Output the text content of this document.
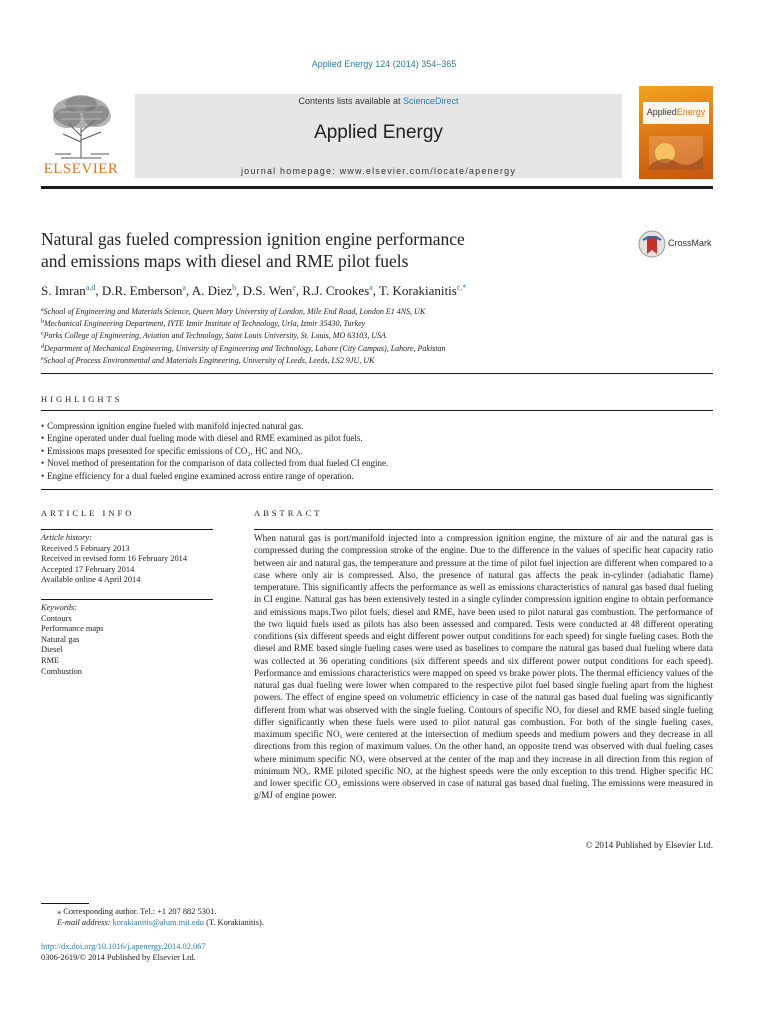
Applied Energy 124 (2014) 354–365
ELSEVIER
Contents lists available at ScienceDirect
Applied Energy
journal homepage: www.elsevier.com/locate/apenergy
AppliedEnergy
Natural gas fueled compression ignition engine performance
and emissions maps with diesel and RME pilot fuels
CrossMark
S. Imran$^{a,d}$, D.R. Emberson$^a$, A. Diez$^b$, D.S. Wen$^e$, R.J. Crookes$^a$, T. Korakianitis$^{c,*}$
$^a$School of Engineering and Materials Science, Queen Mary University of London, Mile End Road, London E1 4NS, UK
$^b$Mechanical Engineering Department, IYTE Izmir Institute of Technology, Urla, Izmir 35430, Turkey
$^c$Parks College of Engineering, Aviation and Technology, Saint Louis University, St. Louis, MO 63103, USA
$^d$Department of Mechanical Engineering, University of Engineering and Technology, Lahore (City Campus), Lahore, Pakistan
$^e$School of Process Environmental and Materials Engineering, University of Leeds, Leeds, LS2 9JU, UK
HIGHLIGHTS
• Compression ignition engine fueled with manifold injected natural gas.
• Engine operated under dual fueling mode with diesel and RME examined as pilot fuels.
• Emissions maps presented for specific emissions of CO₂, HC and NOₓ.
• Novel method of presentation for the comparison of data collected from dual fueled CI engine.
• Engine efficiency for a dual fueled engine examined across entire range of operation.
ARTICLE INFO
Article history:
Received 5 February 2013
Received in revised form 16 February 2014
Accepted 17 February 2014
Available online 4 April 2014
Keywords:
Contours
Performance maps
Natural gas
Diesel
RME
Combustion
ABSTRACT
When natural gas is port/manifold injected into a compression ignition engine, the mixture of air and the natural gas is compressed during the compression stroke of the engine. Due to the difference in the values of specific heat capacity ratio between air and natural gas, the temperature and pressure at the time of pilot fuel injection are different when compared to a case where only air is compressed. Also, the presence of natural gas affects the peak in-cylinder (adiabatic flame) temperature. This significantly affects the performance as well as emissions characteristics of natural gas based dual fueling in CI engine. Natural gas has been extensively tested in a single cylinder compression ignition engine to obtain performance and emissions maps.Two pilot fuels, diesel and RME, have been used to pilot natural gas combustion. The performance of the two liquid fuels used as pilots has also been assessed and compared. Tests were conducted at 48 different operating conditions (six different speeds and eight different power output conditions for each speed) for single fueling cases. Both the diesel and RME based single fueling cases were used as baselines to compare the natural gas based dual fueling where data was collected at 36 operating conditions (six different speeds and six different power output conditions for each speed). Performance and emissions characteristics were mapped on speed vs brake power plots. The thermal efficiency values of the natural gas dual fueling were lower when compared to the respective pilot fuel based single fueling apart from the highest powers. The effect of engine speed on volumetric efficiency in case of the natural gas based dual fueling was significantly different from what was observed with the single fueling. Contours of specific NOₓ for diesel and RME based single fueling differ significantly when these fuels were used to pilot natural gas combustion. For both of the single fueling cases, maximum specific NOₓ were centered at the intersection of medium speeds and medium powers and they decrease in all directions from this region of maximum values. On the other hand, an opposite trend was observed with dual fueling cases where minimum specific NOₓ were observed at the center of the map and they increase in all direction from this region of minimum NOₓ. RME piloted specific NOₓ at the highest speeds were the only exception to this trend. Higher specific HC and lower specific CO₂ emissions were observed in case of natural gas based dual fueling. The emissions were measured in g/MJ of engine power.
© 2014 Published by Elsevier Ltd.
⁎ Corresponding author. Tel.: +1 207 882 5301.
E-mail address: korakianitis@alum.mit.edu (T. Korakianitis).
http://dx.doi.org/10.1016/j.apenergy.2014.02.067
0306-2619/© 2014 Published by Elsevier Ltd.
